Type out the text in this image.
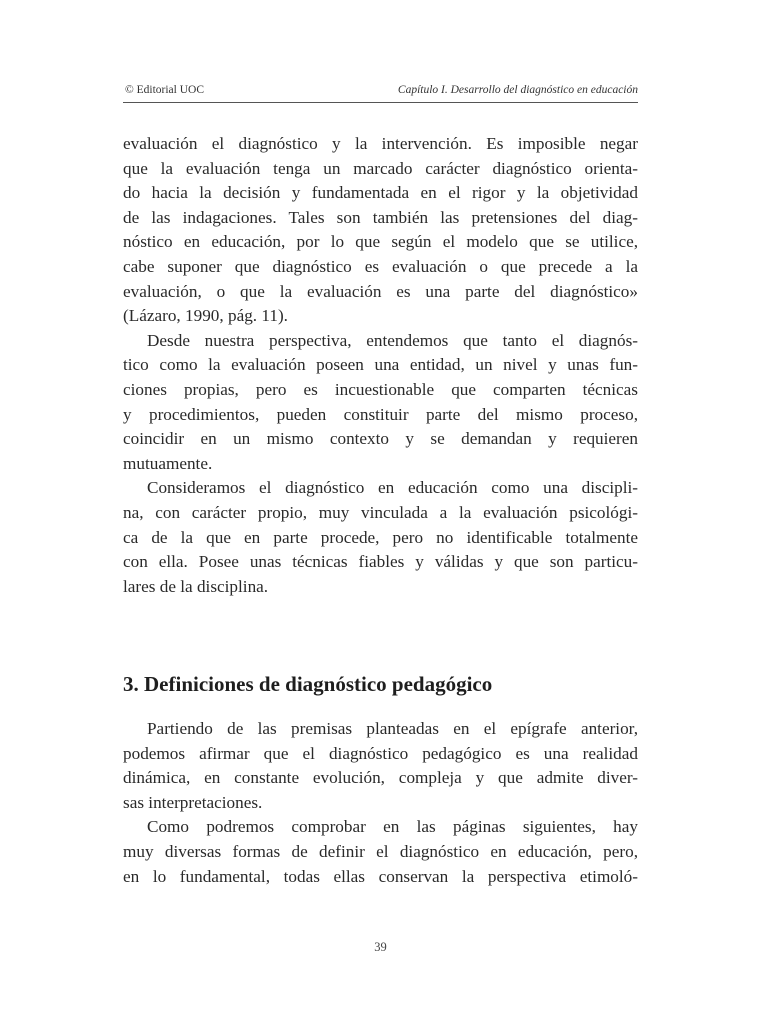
© Editorial UOC	Capítulo I. Desarrollo del diagnóstico en educación
evaluación el diagnóstico y la intervención. Es imposible negar
que la evaluación tenga un marcado carácter diagnóstico orienta-
do hacia la decisión y fundamentada en el rigor y la objetividad
de las indagaciones. Tales son también las pretensiones del diag-
nóstico en educación, por lo que según el modelo que se utilice,
cabe suponer que diagnóstico es evaluación o que precede a la
evaluación, o que la evaluación es una parte del diagnóstico»
(Lázaro, 1990, pág. 11).
Desde nuestra perspectiva, entendemos que tanto el diagnós-
tico como la evaluación poseen una entidad, un nivel y unas fun-
ciones propias, pero es incuestionable que comparten técnicas
y procedimientos, pueden constituir parte del mismo proceso,
coincidir en un mismo contexto y se demandan y requieren
mutuamente.
Consideramos el diagnóstico en educación como una discipli-
na, con carácter propio, muy vinculada a la evaluación psicológi-
ca de la que en parte procede, pero no identificable totalmente
con ella. Posee unas técnicas fiables y válidas y que son particu-
lares de la disciplina.
3. Definiciones de diagnóstico pedagógico
Partiendo de las premisas planteadas en el epígrafe anterior,
podemos afirmar que el diagnóstico pedagógico es una realidad
dinámica, en constante evolución, compleja y que admite diver-
sas interpretaciones.
Como podremos comprobar en las páginas siguientes, hay
muy diversas formas de definir el diagnóstico en educación, pero,
en lo fundamental, todas ellas conservan la perspectiva etimoló-
39
